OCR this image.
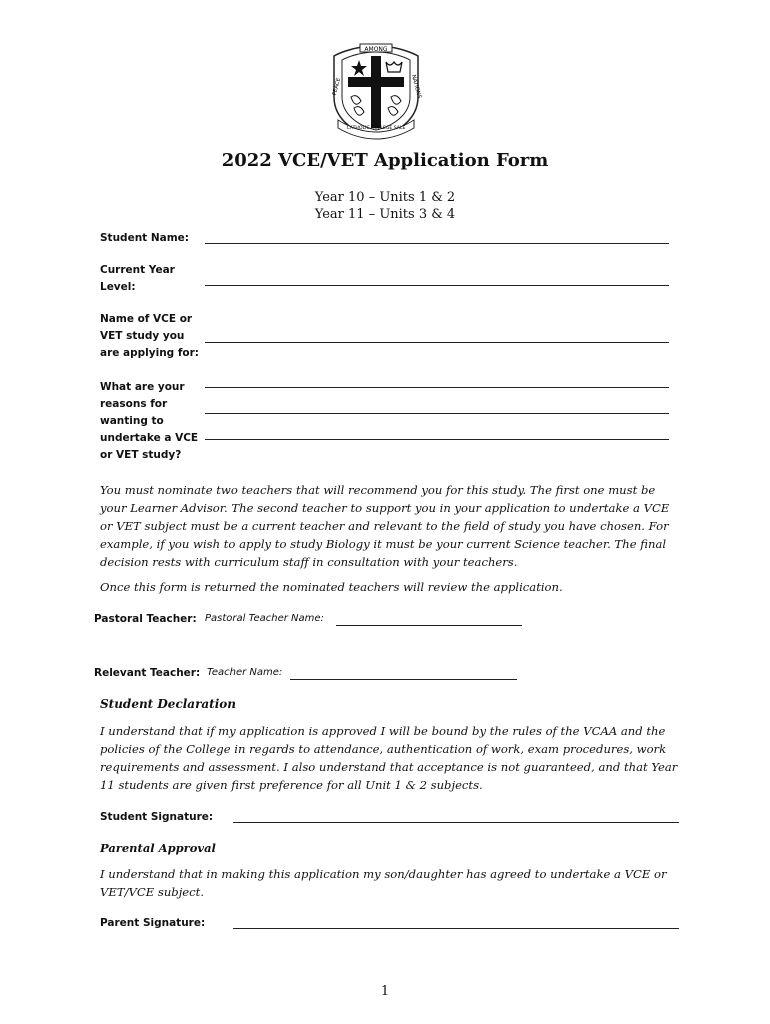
AMONG
PEACE	NATIONS
CATHOLIC COLLEGE SALE
2022 VCE/VET Application Form
Year 10 – Units 1 & 2
Year 11 – Units 3 & 4
Student Name:
Current Year
Level:
Name of VCE or
VET study you
are applying for:
What are your
reasons for
wanting to
undertake a VCE
or VET study?
You must nominate two teachers that will recommend you for this study. The first one must be
your Learner Advisor. The second teacher to support you in your application to undertake a VCE
or VET subject must be a current teacher and relevant to the field of study you have chosen. For
example, if you wish to apply to study Biology it must be your current Science teacher. The final
decision rests with curriculum staff in consultation with your teachers.
Once this form is returned the nominated teachers will review the application.
Pastoral Teacher: Pastoral Teacher Name:
Relevant Teacher: Teacher Name:
Student Declaration
I understand that if my application is approved I will be bound by the rules of the VCAA and the
policies of the College in regards to attendance, authentication of work, exam procedures, work
requirements and assessment. I also understand that acceptance is not guaranteed, and that Year
11 students are given first preference for all Unit 1 & 2 subjects.
Student Signature:
Parental Approval
I understand that in making this application my son/daughter has agreed to undertake a VCE or
VET/VCE subject.
Parent Signature:
1
